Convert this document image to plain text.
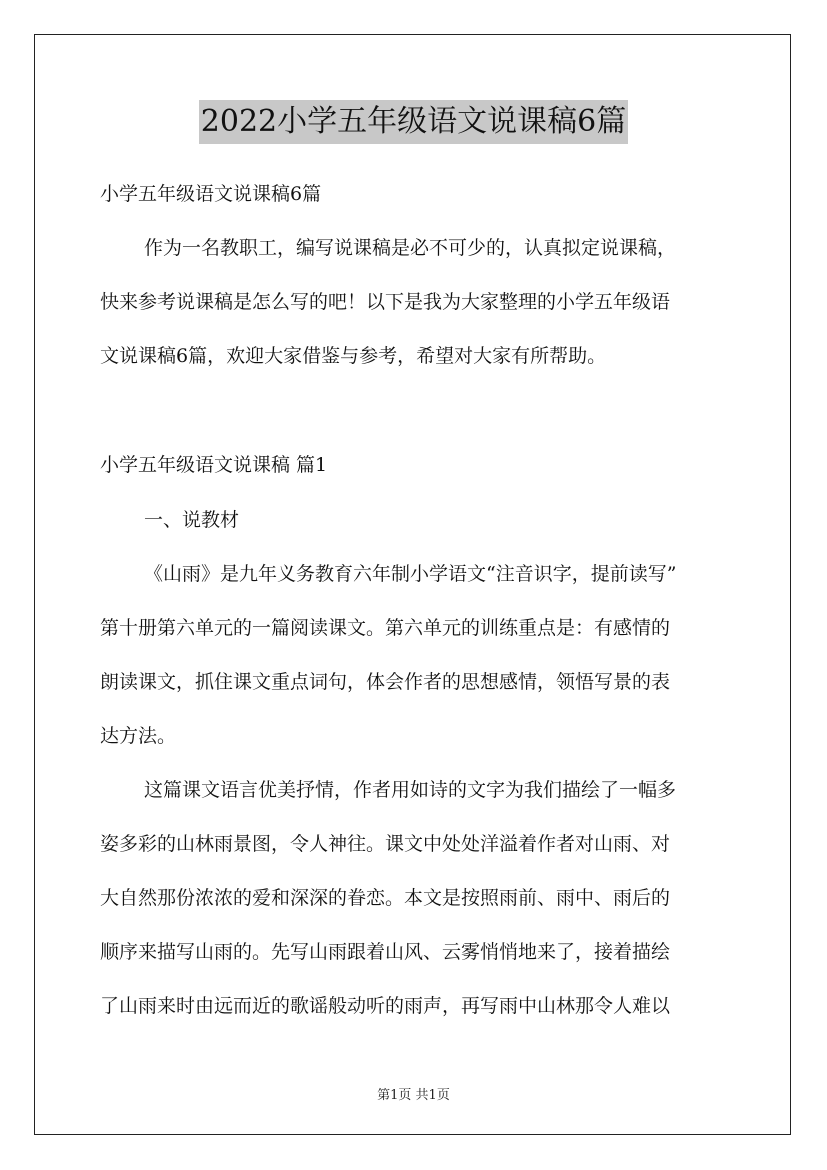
2022小学五年级语文说课稿6篇
小学五年级语文说课稿6篇
作为一名教职工，编写说课稿是必不可少的，认真拟定说课稿，
快来参考说课稿是怎么写的吧！以下是我为大家整理的小学五年级语
文说课稿6篇，欢迎大家借鉴与参考，希望对大家有所帮助。
小学五年级语文说课稿 篇1
一、说教材
《山雨》是九年义务教育六年制小学语文“注音识字，提前读写”
第十册第六单元的一篇阅读课文。第六单元的训练重点是：有感情的
朗读课文，抓住课文重点词句，体会作者的思想感情，领悟写景的表
达方法。
这篇课文语言优美抒情，作者用如诗的文字为我们描绘了一幅多
姿多彩的山林雨景图，令人神往。课文中处处洋溢着作者对山雨、对
大自然那份浓浓的爱和深深的眷恋。本文是按照雨前、雨中、雨后的
顺序来描写山雨的。先写山雨跟着山风、云雾悄悄地来了，接着描绘
了山雨来时由远而近的歌谣般动听的雨声，再写雨中山林那令人难以
第1页 共1页
